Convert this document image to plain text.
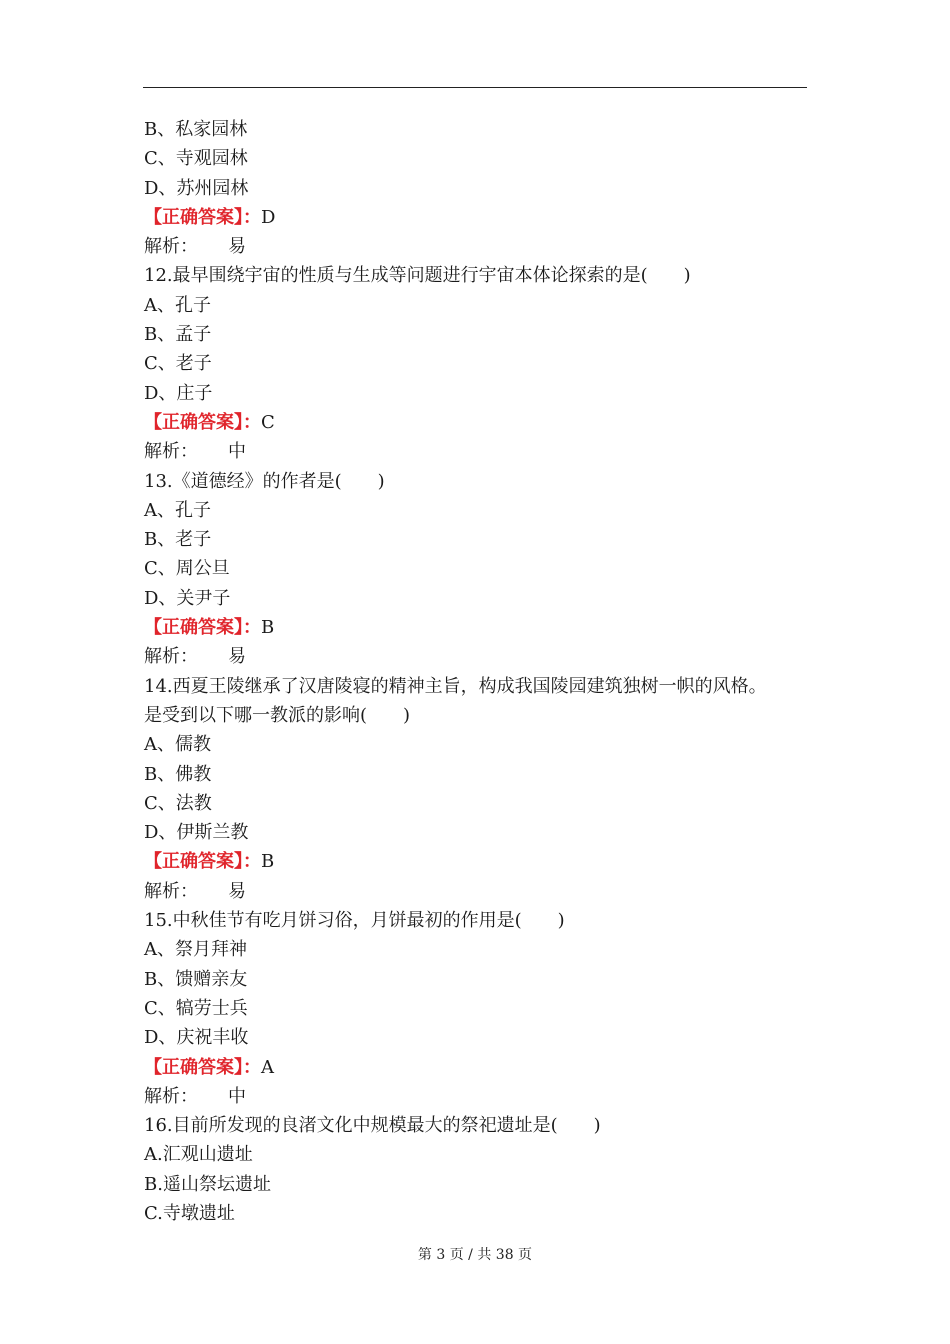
B、私家园林
C、寺观园林
D、苏州园林
【正确答案】：D
解析： 易
12.最早围绕宇宙的性质与生成等问题进行宇宙本体论探索的是(　　)
A、孔子
B、孟子
C、老子
D、庄子
【正确答案】：C
解析： 中
13.《道德经》的作者是(　　)
A、孔子
B、老子
C、周公旦
D、关尹子
【正确答案】：B
解析： 易
14.西夏王陵继承了汉唐陵寝的精神主旨，构成我国陵园建筑独树一帜的风格。
是受到以下哪一教派的影响(　　)
A、儒教
B、佛教
C、法教
D、伊斯兰教
【正确答案】：B
解析： 易
15.中秋佳节有吃月饼习俗，月饼最初的作用是(　　)
A、祭月拜神
B、馈赠亲友
C、犒劳士兵
D、庆祝丰收
【正确答案】：A
解析： 中
16.目前所发现的良渚文化中规模最大的祭祀遗址是(　　)
A.汇观山遗址
B.遥山祭坛遗址
C.寺墩遗址
第 3 页 / 共 38 页
